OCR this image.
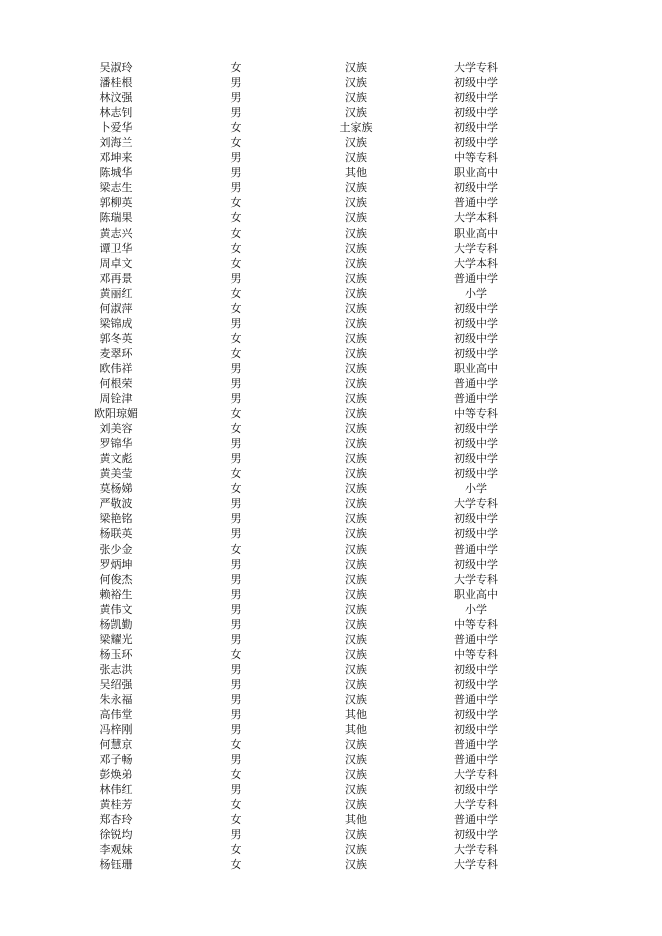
吴淑玲	女	汉族	大学专科
潘桂根	男	汉族	初级中学
林汶强	男	汉族	初级中学
林志钊	男	汉族	初级中学
卜爱华	女	土家族	初级中学
刘海兰	女	汉族	初级中学
邓坤来	男	汉族	中等专科
陈城华	男	其他	职业高中
梁志生	男	汉族	初级中学
郭柳英	女	汉族	普通中学
陈瑞果	女	汉族	大学本科
黄志兴	女	汉族	职业高中
谭卫华	女	汉族	大学专科
周卓文	女	汉族	大学本科
邓再景	男	汉族	普通中学
黄丽红	女	汉族	小学
何淑萍	女	汉族	初级中学
梁锦成	男	汉族	初级中学
郭冬英	女	汉族	初级中学
麦翠环	女	汉族	初级中学
欧伟祥	男	汉族	职业高中
何根荣	男	汉族	普通中学
周铨津	男	汉族	普通中学
欧阳琼媚	女	汉族	中等专科
刘美容	女	汉族	初级中学
罗锦华	男	汉族	初级中学
黄文彪	男	汉族	初级中学
黄美莹	女	汉族	初级中学
莫杨娣	女	汉族	小学
严敬波	男	汉族	大学专科
梁艳铭	男	汉族	初级中学
杨联英	男	汉族	初级中学
张少金	女	汉族	普通中学
罗炳坤	男	汉族	初级中学
何俊杰	男	汉族	大学专科
赖裕生	男	汉族	职业高中
黄伟文	男	汉族	小学
杨凯勤	男	汉族	中等专科
梁耀光	男	汉族	普通中学
杨玉环	女	汉族	中等专科
张志洪	男	汉族	初级中学
吴绍强	男	汉族	初级中学
朱永福	男	汉族	普通中学
高伟堂	男	其他	初级中学
冯梓刚	男	其他	初级中学
何慧京	女	汉族	普通中学
邓子畅	男	汉族	普通中学
彭焕弟	女	汉族	大学专科
林伟红	男	汉族	初级中学
黄桂芳	女	汉族	大学专科
郑杏玲	女	其他	普通中学
徐锐均	男	汉族	初级中学
李观妹	女	汉族	大学专科
杨钰珊	女	汉族	大学专科
